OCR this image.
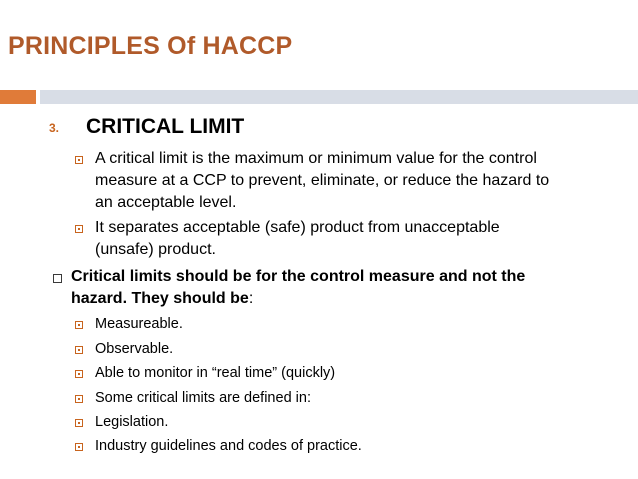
PRINCIPLES Of HACCP
3. CRITICAL LIMIT
A critical limit is the maximum or minimum value for the control
measure at a CCP to prevent, eliminate, or reduce the hazard to
an acceptable level.
It separates acceptable (safe) product from unacceptable
(unsafe) product.
Critical limits should be for the control measure and not the
hazard. They should be:
Measureable.
Observable.
Able to monitor in “real time” (quickly)
Some critical limits are defined in:
Legislation.
Industry guidelines and codes of practice.
